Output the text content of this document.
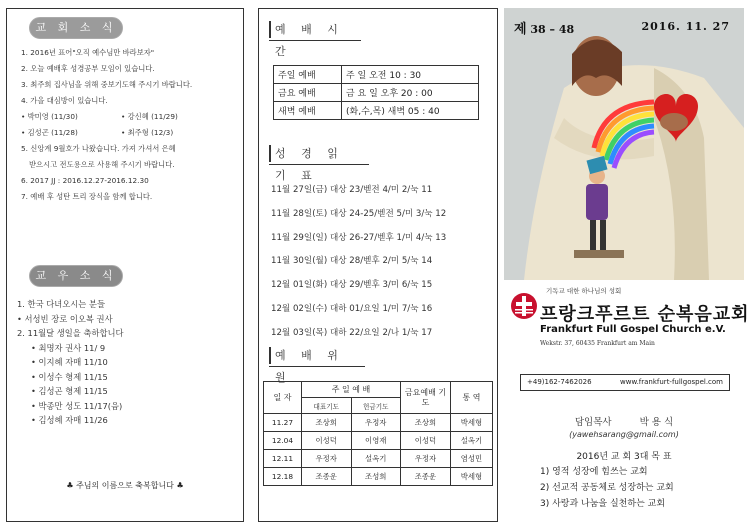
교 회 소 식
1. 2016년 표어"오직 예수님만 바라보자"
2. 오늘 예배후 성경공부 모임이 있습니다.
3. 최주희 집사님을 위해 중보기도해 주시기 바랍니다.
4. 가을 대심방이 있습니다.
• 박미영 (11/30)	• 강신혜 (11/29)
• 김성곤 (11/28)	• 최주형 (12/3)
5. 신앙계 9월호가 나왔습니다. 가져 가셔서 은혜
받으시고 전도용으로 사용해 주시기 바랍니다.
6. 2017 JJ : 2016.12.27-2016.12.30
7. 예배 후 성탄 트리 장식을 함께 합니다.
교 우 소 식
1. 한국 다녀오시는 분들
• 서성빈 장로 이오복 권사
2. 11월달 생일을 축하합니다
• 최명자 권사 11/ 9
• 이지혜 자매 11/10
• 이성수 형제 11/15
• 김성곤 형제 11/15
• 박종만 성도 11/17(음)
• 김성혜 자매 11/26
♣ 주님의 이름으로 축복합니다 ♣
예 배 시 간
주일 예배	주 일 오전 10 : 30
금요 예배	금 요 일 오후 20 : 00
새벽 예배	(화,수,목) 새벽 05 : 40
성 경 읽 기 표
11월 27일(금) 대상 23/벧전 4/미 2/눅 11
11월 28일(토) 대상 24-25/벧전 5/미 3/눅 12
11월 29일(일) 대상 26-27/벧후 1/미 4/눅 13
11월 30일(월) 대상 28/벧후 2/미 5/눅 14
12월 01일(화) 대상 29/벧후 3/미 6/눅 15
12월 02일(수) 대하 01/요일 1/미 7/눅 16
12월 03일(목) 대하 22/요일 2/나 1/눅 17
예 배 위 원
일 자	주 일 예 배		금요예배 기도	통 역
	대표기도	헌금기도		
11.27	조상희	우정자	조상희	박세형
12.04	이성덕	이영재	이성덕	설옥기
12.11	우정자	설옥기	우정자	염성민
12.18	조종운	조성희	조종운	박세형
제 38 – 48	2016. 11. 27
기독교 대한 하나님의 성회
프랑크푸르트 순복음교회
Frankfurt Full Gospel Church e.V.
Wekstr. 37, 60435 Frankfurt am Main
+49)162-7462026	www.frankfurt-fullgospel.com
담임목사	박 용 식
(yawehsarang@gmail.com)
2016년 교 회 3대 목 표
1) 영적 성장에 힘쓰는 교회
2) 선교적 공동체로 성장하는 교회
3) 사랑과 나눔을 실천하는 교회
